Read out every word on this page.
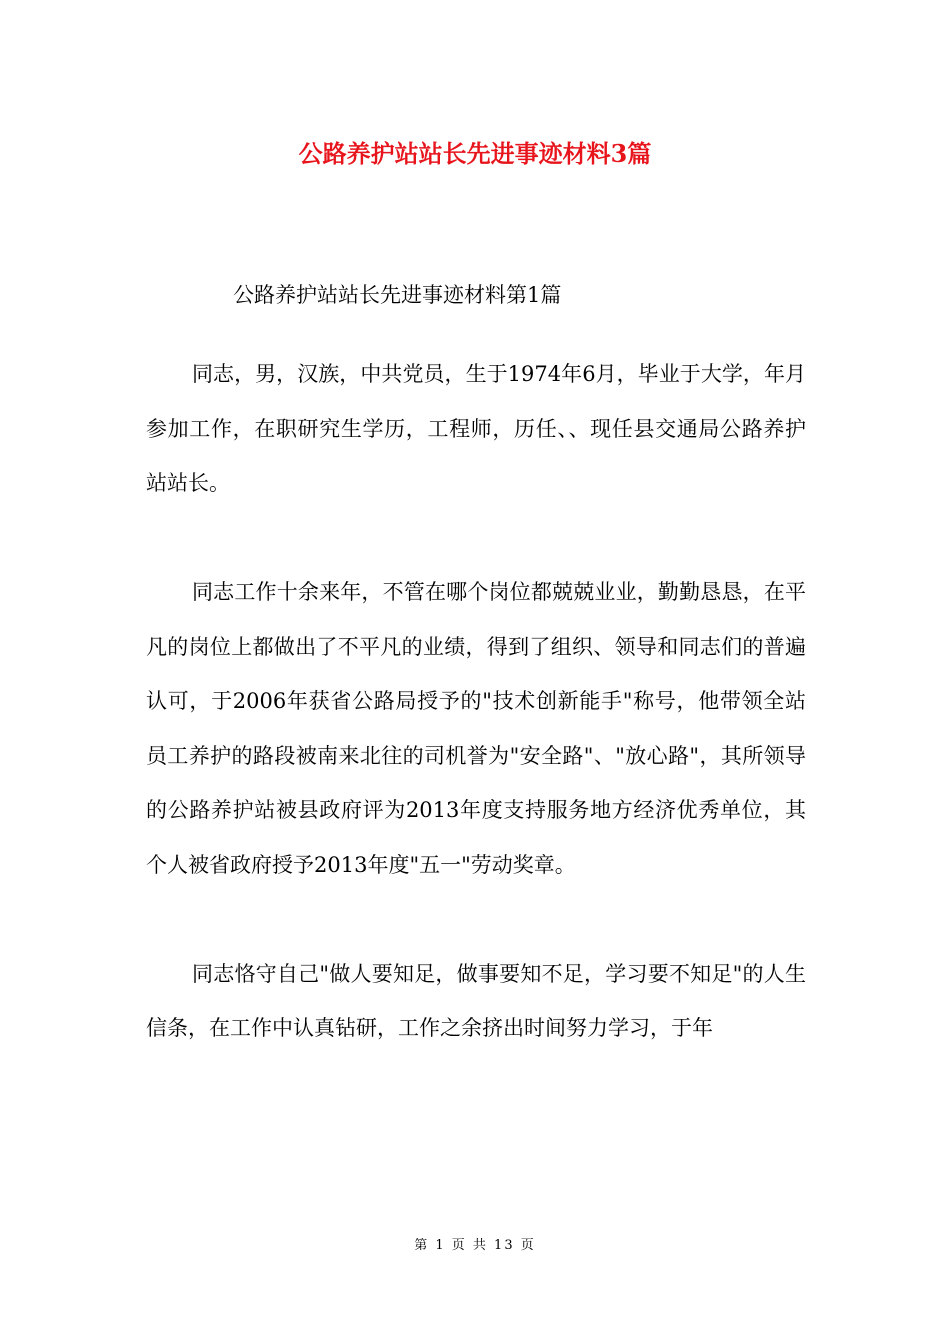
公路养护站站长先进事迹材料3篇
公路养护站站长先进事迹材料第1篇

同志，男，汉族，中共党员，生于1974年6月，毕业于大学，年月参加工作，在职研究生学历，工程师，历任、、现任县交通局公路养护站站长。

同志工作十余来年，不管在哪个岗位都兢兢业业，勤勤恳恳，在平凡的岗位上都做出了不平凡的业绩，得到了组织、领导和同志们的普遍认可，于2006年获省公路局授予的"技术创新能手"称号，他带领全站员工养护的路段被南来北往的司机誉为"安全路"、"放心路"，其所领导的公路养护站被县政府评为2013年度支持服务地方经济优秀单位，其个人被省政府授予2013年度"五一"劳动奖章。

同志恪守自己"做人要知足，做事要知不足，学习要不知足"的人生信条，在工作中认真钻研，工作之余挤出时间努力学习，于年

第 1 页 共 13 页
